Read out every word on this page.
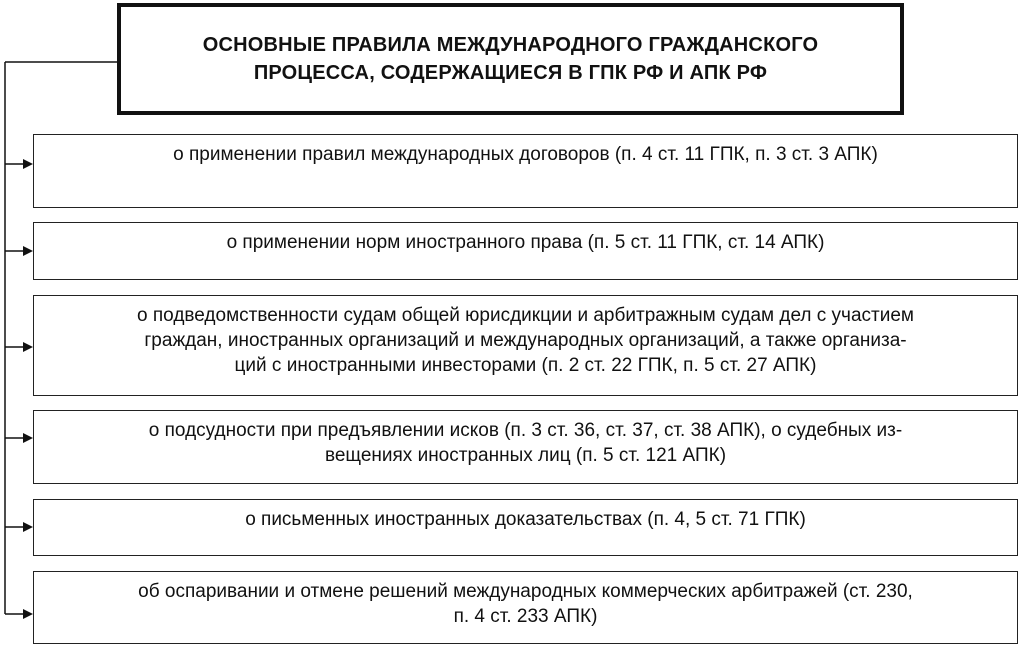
ОСНОВНЫЕ ПРАВИЛА МЕЖДУНАРОДНОГО ГРАЖДАНСКОГО
ПРОЦЕССА, СОДЕРЖАЩИЕСЯ В ГПК РФ И АПК РФ
о применении правил международных договоров (п. 4 ст. 11 ГПК, п. 3 ст. 3 АПК)
о применении норм иностранного права (п. 5 ст. 11 ГПК, ст. 14 АПК)
о подведомственности судам общей юрисдикции и арбитражным судам дел с участием
граждан, иностранных организаций и международных организаций, а также организа-
ций с иностранными инвесторами (п. 2 ст. 22 ГПК, п. 5 ст. 27 АПК)
о подсудности при предъявлении исков (п. 3 ст. 36, ст. 37, ст. 38 АПК), о судебных из-
вещениях иностранных лиц (п. 5 ст. 121 АПК)
о письменных иностранных доказательствах (п. 4, 5 ст. 71 ГПК)
об оспаривании и отмене решений международных коммерческих арбитражей (ст. 230,
п. 4 ст. 233 АПК)
